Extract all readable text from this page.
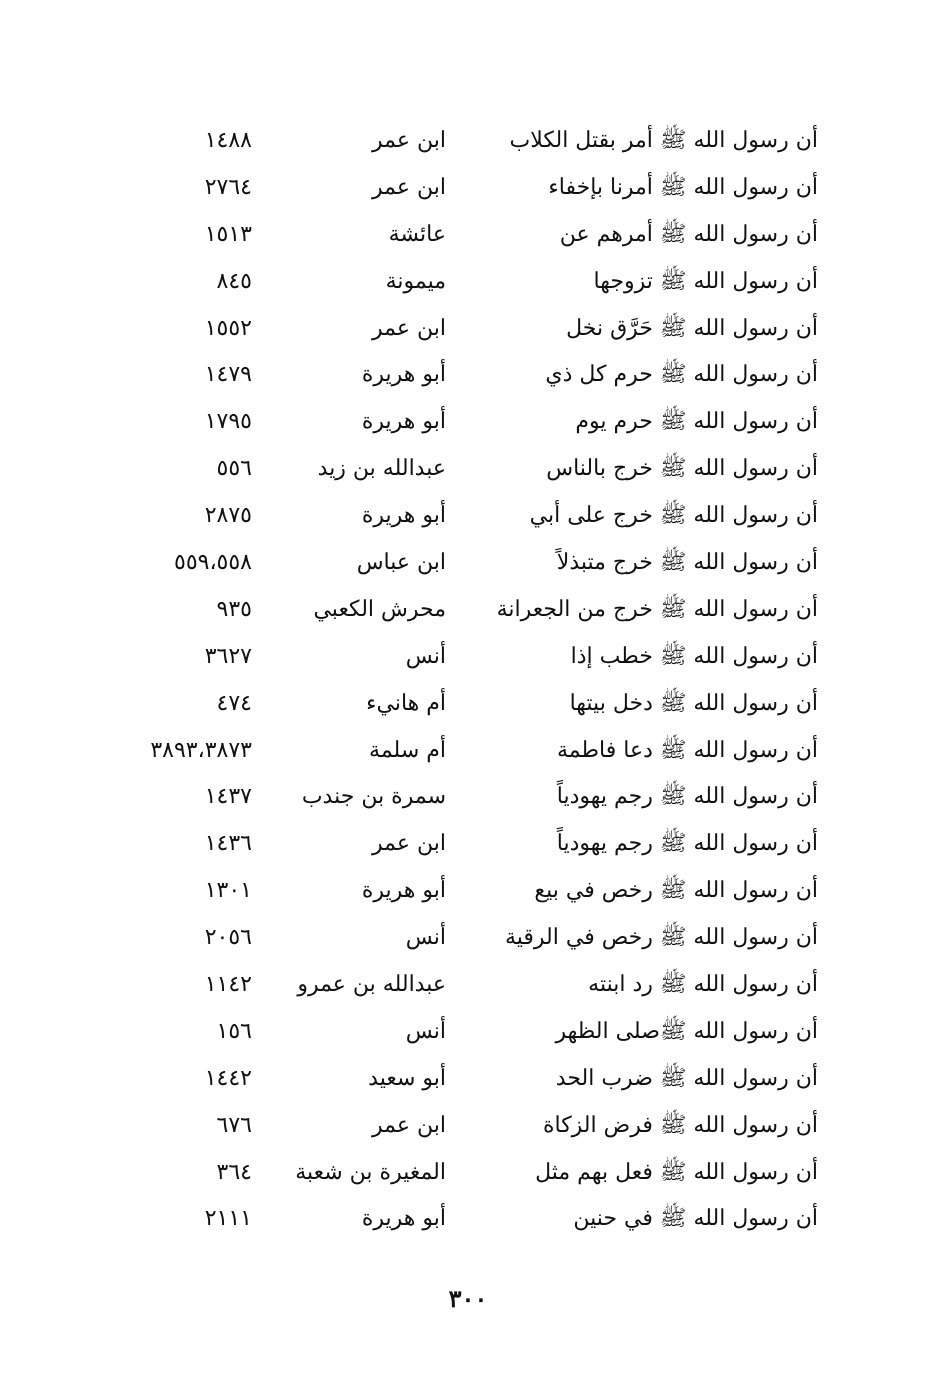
أن رسول الله ﷺ أمر بقتل الكلاب
ابن عمر
١٤٨٨
أن رسول الله ﷺ أمرنا بإخفاء
ابن عمر
٢٧٦٤
أن رسول الله ﷺ أمرهم عن
عائشة
١٥١٣
أن رسول الله ﷺ تزوجها
ميمونة
٨٤٥
أن رسول الله ﷺ حَرَّق نخل
ابن عمر
١٥٥٢
أن رسول الله ﷺ حرم كل ذي
أبو هريرة
١٤٧٩
أن رسول الله ﷺ حرم يوم
أبو هريرة
١٧٩٥
أن رسول الله ﷺ خرج بالناس
عبدالله بن زيد
٥٥٦
أن رسول الله ﷺ خرج على أبي
أبو هريرة
٢٨٧٥
أن رسول الله ﷺ خرج متبذلاً
ابن عباس
٥٥٩،٥٥٨
أن رسول الله ﷺ خرج من الجعرانة
محرش الكعبي
٩٣٥
أن رسول الله ﷺ خطب إذا
أنس
٣٦٢٧
أن رسول الله ﷺ دخل بيتها
أم هانيء
٤٧٤
أن رسول الله ﷺ دعا فاطمة
أم سلمة
٣٨٩٣،٣٨٧٣
أن رسول الله ﷺ رجم يهودياً
سمرة بن جندب
١٤٣٧
أن رسول الله ﷺ رجم يهودياً
ابن عمر
١٤٣٦
أن رسول الله ﷺ رخص في بيع
أبو هريرة
١٣٠١
أن رسول الله ﷺ رخص في الرقية
أنس
٢٠٥٦
أن رسول الله ﷺ رد ابنته
عبدالله بن عمرو
١١٤٢
أن رسول الله ﷺصلى الظهر
أنس
١٥٦
أن رسول الله ﷺ ضرب الحد
أبو سعيد
١٤٤٢
أن رسول الله ﷺ فرض الزكاة
ابن عمر
٦٧٦
أن رسول الله ﷺ فعل بهم مثل
المغيرة بن شعبة
٣٦٤
أن رسول الله ﷺ في حنين
أبو هريرة
٢١١١
٣٠٠
